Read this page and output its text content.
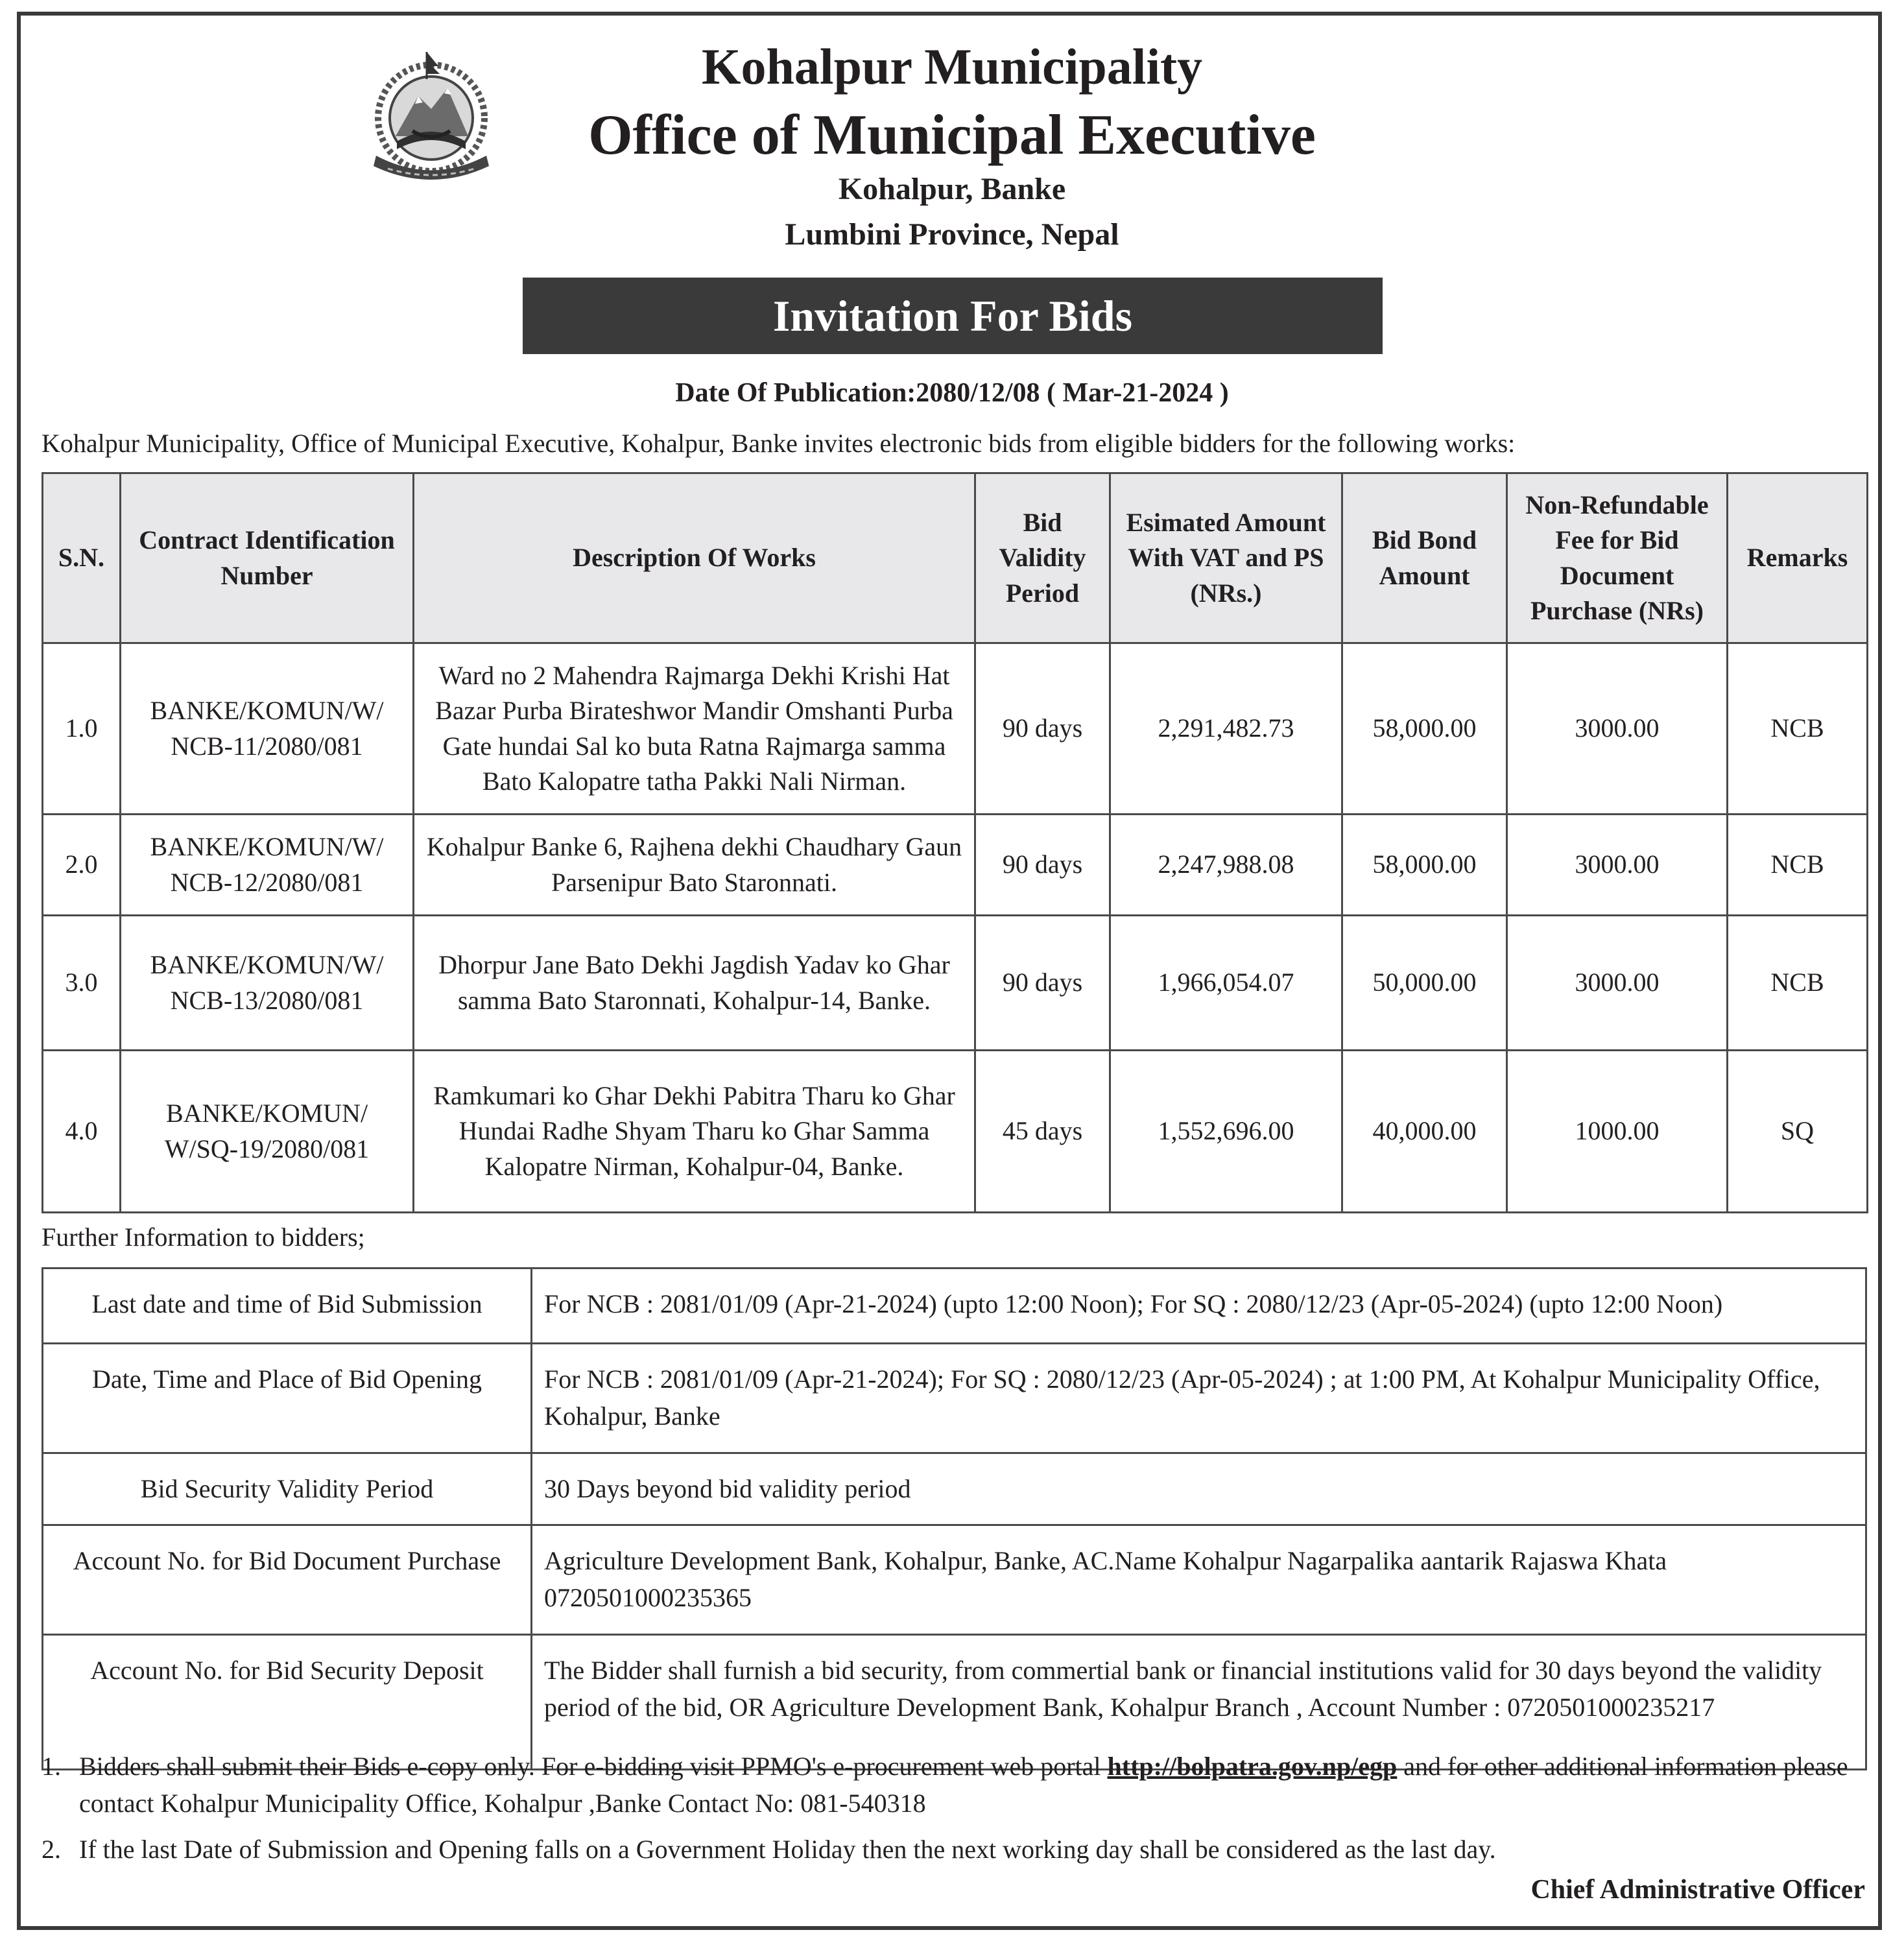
Kohalpur Municipality
Office of Municipal Executive
Kohalpur, Banke
Lumbini Province, Nepal
Invitation For Bids
Date Of Publication:2080/12/08 ( Mar-21-2024 )
Kohalpur Municipality, Office of Municipal Executive, Kohalpur, Banke invites electronic bids from eligible bidders for the following works:
S.N.	Contract Identification Number	Description Of Works	Bid Validity Period	Esimated Amount With VAT and PS (NRs.)	Bid Bond Amount	Non-Refundable Fee for Bid Document Purchase (NRs)	Remarks
1.0	BANKE/KOMUN/W/ NCB-11/2080/081	Ward no 2 Mahendra Rajmarga Dekhi Krishi Hat Bazar Purba Birateshwor Mandir Omshanti Purba Gate hundai Sal ko buta Ratna Rajmarga samma Bato Kalopatre tatha Pakki Nali Nirman.	90 days	2,291,482.73	58,000.00	3000.00	NCB
2.0	BANKE/KOMUN/W/ NCB-12/2080/081	Kohalpur Banke 6, Rajhena dekhi Chaudhary Gaun Parsenipur Bato Staronnati.	90 days	2,247,988.08	58,000.00	3000.00	NCB
3.0	BANKE/KOMUN/W/ NCB-13/2080/081	Dhorpur Jane Bato Dekhi Jagdish Yadav ko Ghar samma Bato Staronnati, Kohalpur-14, Banke.	90 days	1,966,054.07	50,000.00	3000.00	NCB
4.0	BANKE/KOMUN/ W/SQ-19/2080/081	Ramkumari ko Ghar Dekhi Pabitra Tharu ko Ghar Hundai Radhe Shyam Tharu ko Ghar Samma Kalopatre Nirman, Kohalpur-04, Banke.	45 days	1,552,696.00	40,000.00	1000.00	SQ
Further Information to bidders;
Last date and time of Bid Submission	For NCB : 2081/01/09 (Apr-21-2024) (upto 12:00 Noon); For SQ : 2080/12/23 (Apr-05-2024) (upto 12:00 Noon)
Date, Time and Place of Bid Opening	For NCB : 2081/01/09 (Apr-21-2024); For SQ : 2080/12/23 (Apr-05-2024) ; at 1:00 PM, At Kohalpur Municipality Office, Kohalpur, Banke
Bid Security Validity Period	30 Days beyond bid validity period
Account No. for Bid Document Purchase	Agriculture Development Bank, Kohalpur, Banke, AC.Name Kohalpur Nagarpalika aantarik Rajaswa Khata 0720501000235365
Account No. for Bid Security Deposit	The Bidder shall furnish a bid security, from commertial bank or financial institutions valid for 30 days beyond the validity period of the bid, OR Agriculture Development Bank, Kohalpur Branch , Account Number : 0720501000235217
1. Bidders shall submit their Bids e-copy only. For e-bidding visit PPMO's e-procurement web portal http://bolpatra.gov.np/egp and for other additional information please contact Kohalpur Municipality Office, Kohalpur ,Banke Contact No: 081-540318
2. If the last Date of Submission and Opening falls on a Government Holiday then the next working day shall be considered as the last day.
Chief Administrative Officer
